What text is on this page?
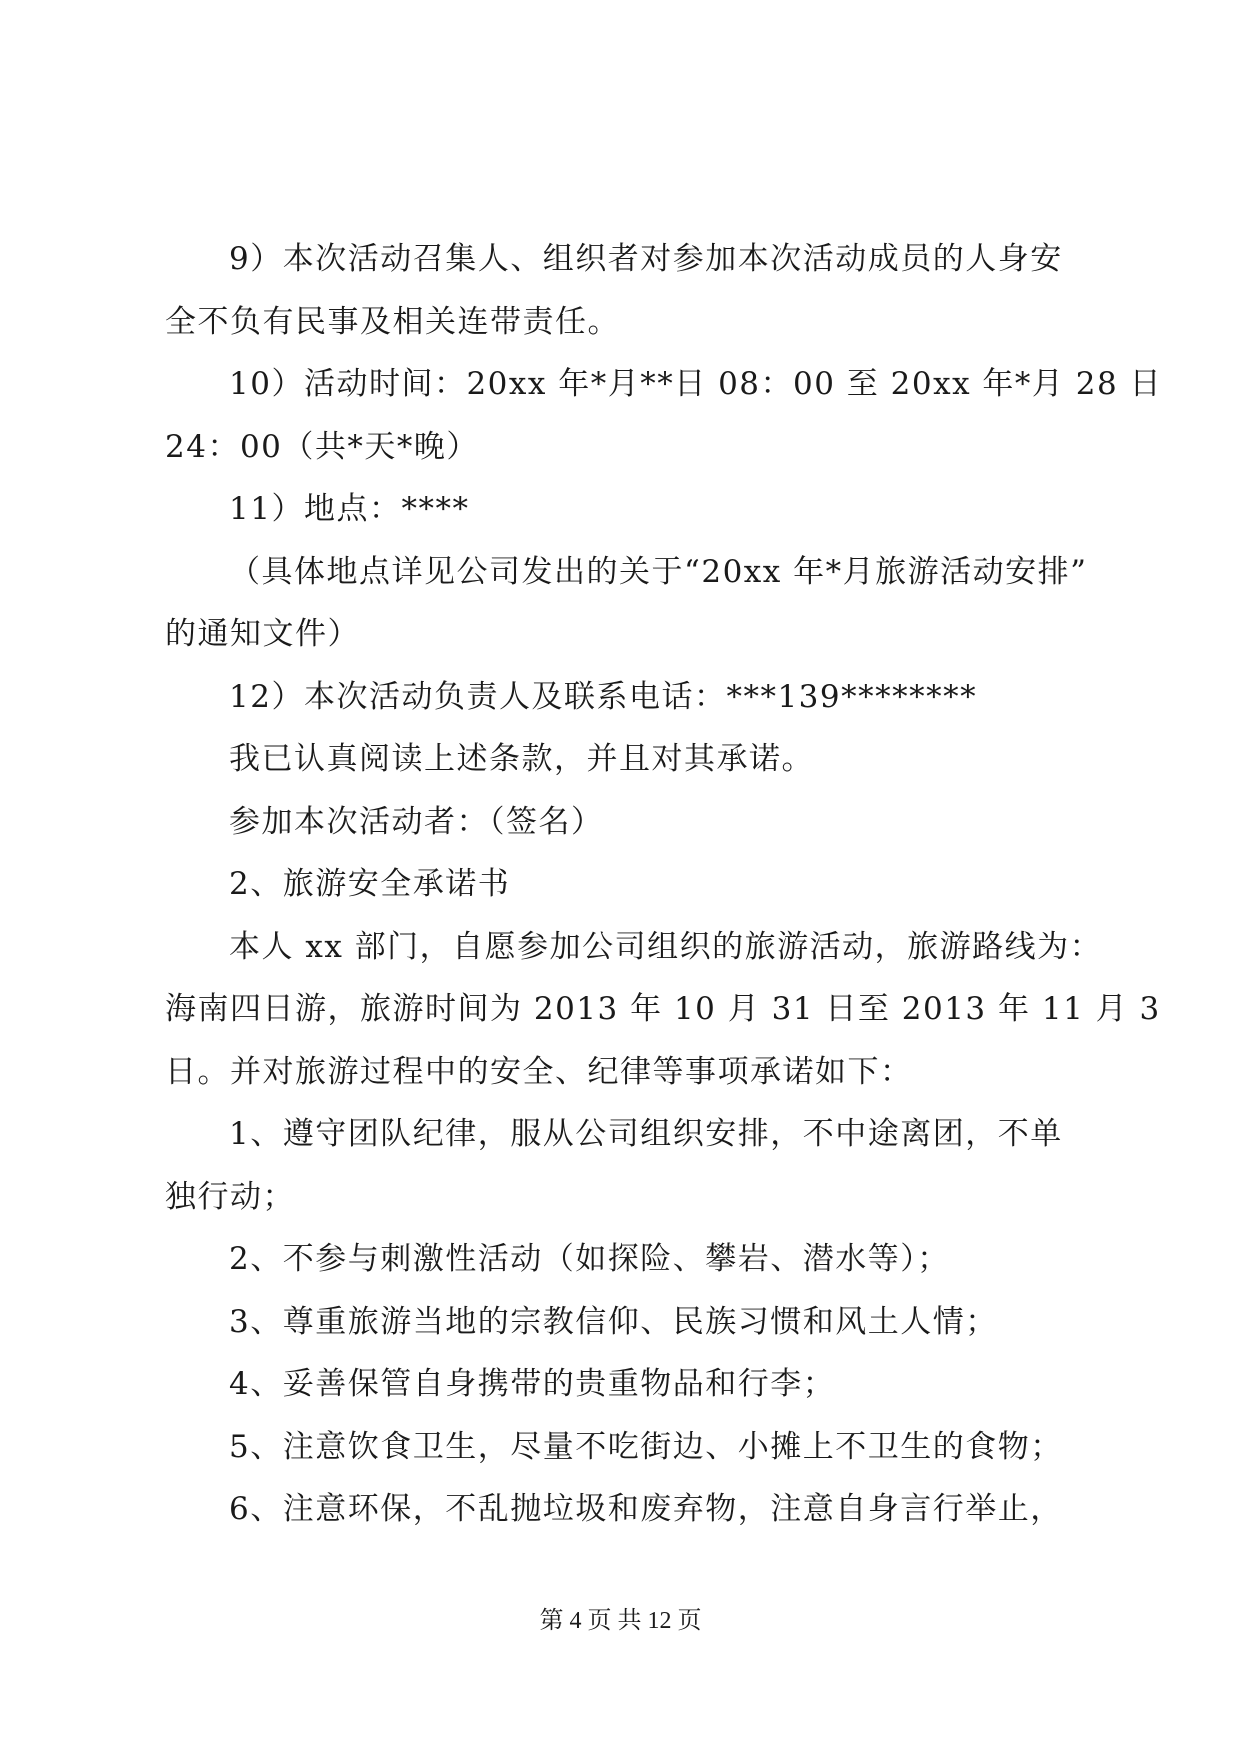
9）本次活动召集人、组织者对参加本次活动成员的人身安

全不负有民事及相关连带责任。

10）活动时间：20xx 年*月**日 08：00 至 20xx 年*月 28 日

24：00（共*天*晚）

11）地点：****

（具体地点详见公司发出的关于“20xx 年*月旅游活动安排”

的通知文件）

12）本次活动负责人及联系电话：***139********

我已认真阅读上述条款，并且对其承诺。

参加本次活动者：（签名）

2、旅游安全承诺书

本人 xx 部门，自愿参加公司组织的旅游活动，旅游路线为：

海南四日游，旅游时间为 2013 年 10 月 31 日至 2013 年 11 月 3

日。并对旅游过程中的安全、纪律等事项承诺如下：

1、遵守团队纪律，服从公司组织安排，不中途离团，不单

独行动；

2、不参与刺激性活动（如探险、攀岩、潜水等）；

3、尊重旅游当地的宗教信仰、民族习惯和风土人情；

4、妥善保管自身携带的贵重物品和行李；

5、注意饮食卫生，尽量不吃街边、小摊上不卫生的食物；

6、注意环保，不乱抛垃圾和废弃物，注意自身言行举止，

第 4 页 共 12 页
